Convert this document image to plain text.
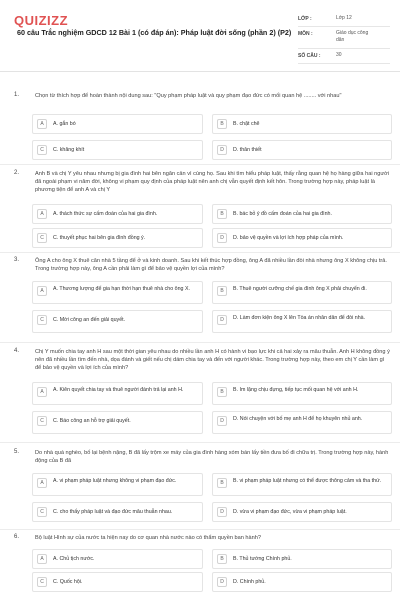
QUIZIZZ
60 câu Trắc nghiệm GDCD 12 Bài 1 (có đáp án): Pháp luật đời sống (phần 2) (P2)
LỚP :	Lớp 12
MÔN :	Giáo dục công dân
SỐ CÂU :	30
1.	Chọn từ thích hợp để hoàn thành nội dung sau: "Quy phạm pháp luật và quy phạm đạo đức có mối quan hệ ........ với nhau"
A	A. gắn bó	B	B. chặt chẽ
C	C. khăng khít	D	D. thân thiết
2.	Anh B và chị Y yêu nhau nhưng bị gia đình hai bên ngăn cản vì cùng họ. Sau khi tìm hiểu pháp luật, thấy rằng quan hệ họ hàng giữa hai người đã ngoài phạm vi năm đời, không vi phạm quy định của pháp luật nên anh chị vẫn quyết định kết hôn. Trong trường hợp này, pháp luật là phương tiện để anh A và chị Y
A	A. thách thức sự cấm đoán của hai gia đình.	B	B. bác bỏ ý đồ cấm đoán của hai gia đình.
C	C. thuyết phục hai bên gia đình đồng ý.	D	D. bảo vệ quyền và lợi ích hợp pháp của mình.
3.	Ông A cho ông X thuê căn nhà 5 tầng để ở và kinh doanh. Sau khi kết thúc hợp đồng, ông A đã nhiều lần đòi nhà nhưng ông X không chịu trả. Trong trường hợp này, ông A cần phải làm gì để bảo vệ quyền lợi của mình?
A	A. Thương lượng để gia hạn thời hạn thuê nhà cho ông X.	B	B. Thuê người cưỡng chế gia đình ông X phải chuyển đi.
C	C. Mời công an đến giải quyết.	D	D. Làm đơn kiện ông X lên Tòa án nhân dân để đòi nhà.
4.	Chị Y muốn chia tay anh H sau một thời gian yêu nhau do nhiều lần anh H có hành vi bạo lực khi cả hai xảy ra mâu thuẫn. Anh H không đồng ý nên đã nhiều lần tìm đến nhà, dọa đánh và giết nếu chị dám chia tay và đến với người khác. Trong trường hợp này, theo em chị Y cần làm gì để bảo vệ quyền và lợi ích của mình?
A	A. Kiên quyết chia tay và thuê người đánh trả lại anh H.	B	B. Im lặng chịu đựng, tiếp tục mối quan hệ với anh H.
C	C. Báo công an hỗ trợ giải quyết.	D	D. Nói chuyện với bố mẹ anh H để họ khuyên nhủ anh.
5.	Do nhà quá nghèo, bố lại bệnh nặng, B đã lấy trộm xe máy của gia đình hàng xóm bán lấy tiền đưa bố đi chữa trị. Trong trường hợp này, hành động của B đã
A	A. vi phạm pháp luật nhưng không vi phạm đạo đức.	B	B. vi phạm pháp luật nhưng có thể được thông cảm và tha thứ.
C	C. cho thấy pháp luật và đạo đức mâu thuẫn nhau.	D	D. vừa vi phạm đạo đức, vừa vi phạm pháp luật.
6.	Bộ luật Hình sự của nước ta hiện nay do cơ quan nhà nước nào có thẩm quyền ban hành?
A	A. Chủ tịch nước.	B	B. Thủ tướng Chính phủ.
C	C. Quốc hội.	D	D. Chính phủ.
